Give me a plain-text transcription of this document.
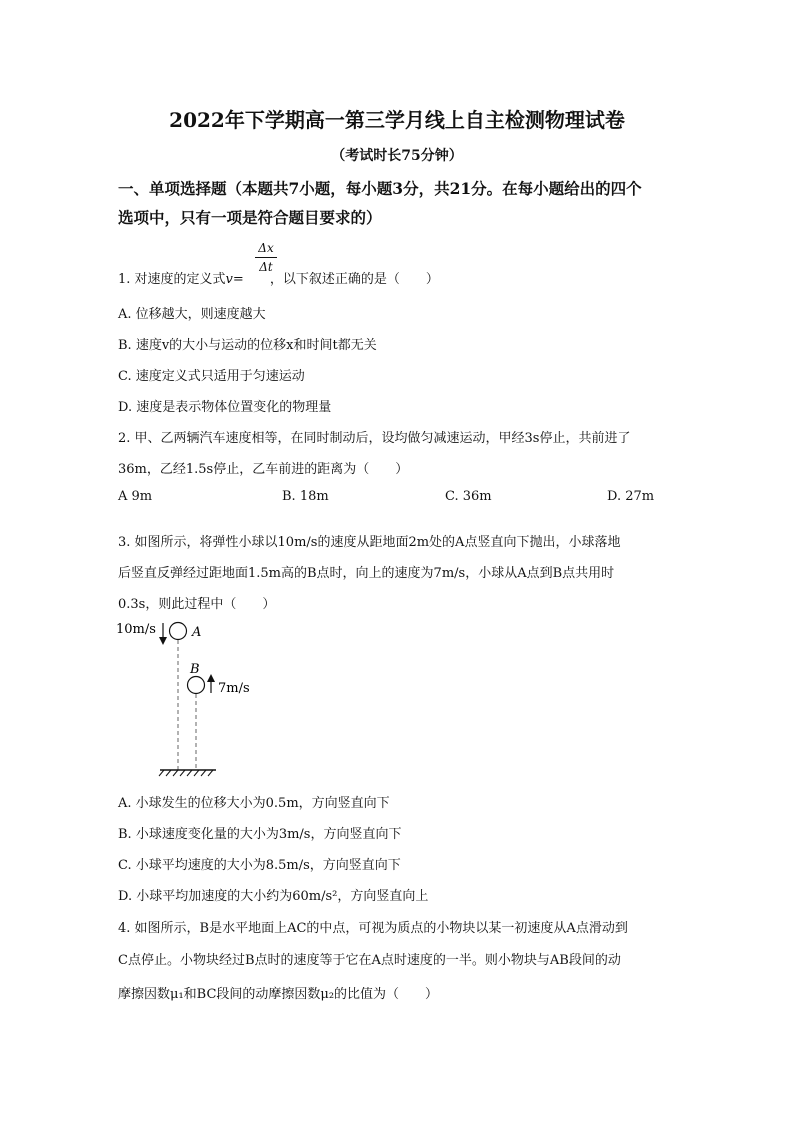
2022年下学期高一第三学月线上自主检测物理试卷
（考试时长75分钟）
一、单项选择题（本题共7小题，每小题3分，共21分。在每小题给出的四个
选项中，只有一项是符合题目要求的）
1. 对速度的定义式v= ，以下叙述正确的是（　　）
Δx
Δt
A. 位移越大，则速度越大
B. 速度v的大小与运动的位移x和时间t都无关
C. 速度定义式只适用于匀速运动
D. 速度是表示物体位置变化的物理量
2. 甲、乙两辆汽车速度相等，在同时制动后，设均做匀减速运动，甲经3s停止，共前进了
36m，乙经1.5s停止，乙车前进的距离为（　　）
A 9m	B. 18m	C. 36m	D. 27m
3. 如图所示，将弹性小球以10m/s的速度从距地面2m处的A点竖直向下抛出，小球落地
后竖直反弹经过距地面1.5m高的B点时，向上的速度为7m/s，小球从A点到B点共用时
0.3s，则此过程中（　　）
10m/s	A
B
7m/s
A. 小球发生的位移大小为0.5m，方向竖直向下
B. 小球速度变化量的大小为3m/s，方向竖直向下
C. 小球平均速度的大小为8.5m/s，方向竖直向下
D. 小球平均加速度的大小约为60m/s²，方向竖直向上
4. 如图所示，B是水平地面上AC的中点，可视为质点的小物块以某一初速度从A点滑动到
C点停止。小物块经过B点时的速度等于它在A点时速度的一半。则小物块与AB段间的动
摩擦因数μ₁和BC段间的动摩擦因数μ₂的比值为（　　）
